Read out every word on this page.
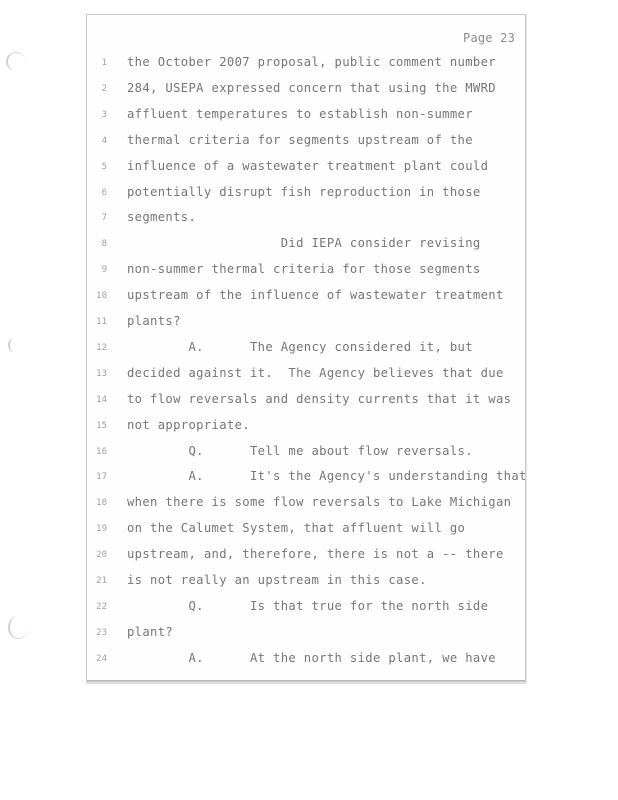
Page 23
1 the October 2007 proposal, public comment number
2 284, USEPA expressed concern that using the MWRD
3 affluent temperatures to establish non-summer
4 thermal criteria for segments upstream of the
5 influence of a wastewater treatment plant could
6 potentially disrupt fish reproduction in those
7 segments.
8 Did IEPA consider revising
9 non-summer thermal criteria for those segments
10 upstream of the influence of wastewater treatment
11 plants?
12 A.      The Agency considered it, but
13 decided against it.  The Agency believes that due
14 to flow reversals and density currents that it was
15 not appropriate.
16 Q.      Tell me about flow reversals.
17 A.      It's the Agency's understanding that
18 when there is some flow reversals to Lake Michigan
19 on the Calumet System, that affluent will go
20 upstream, and, therefore, there is not a -- there
21 is not really an upstream in this case.
22 Q.      Is that true for the north side
23 plant?
24 A.      At the north side plant, we have
